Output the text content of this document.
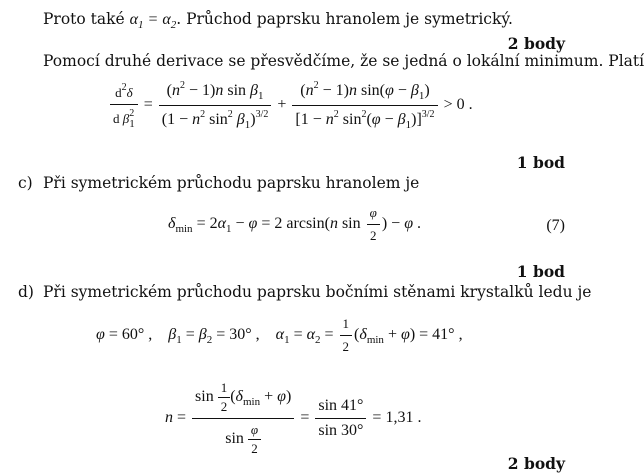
Proto také $\alpha_1 = \alpha_2$. Průchod paprsku hranolem je symetrický.
2 body
Pomocí druhé derivace se přesvědčíme, že se jedná o lokální minimum. Platí
$\frac{d^2\delta}{d \beta^2_1} = \frac{(n^2 - 1)n \sin \beta_1}{(1 - n^2 \sin^2 \beta_1)^{3/2}} + \frac{(n^2 - 1)n \sin(\varphi - \beta_1)}{[1 - n^2 \sin^2(\varphi - \beta_1)]^{3/2}} > 0$ .
1 bod
c) Při symetrickém průchodu paprsku hranolem je
$\delta_{min} = 2\alpha_1 - \varphi = 2$ arcsin(n $\sin \frac{\varphi}{2}$ ) − φ .	(7)
1 bod
d) Při symetrickém průchodu paprsku bočními stěnami krystalků ledu je
φ = 60° ,    $\beta_1 = \beta_2 = 30^\circ$ ,    $\alpha_1 = \alpha_2 = \frac{1}{2} (\delta_{min} + \varphi) = 41^\circ$ ,
$n = \frac{\sin \frac{1}{2} (\delta_{min} + \varphi)}{\sin \frac{\varphi}{2}} = \frac{\sin 41^\circ}{\sin 30^\circ} = 1,31$ .
2 body
